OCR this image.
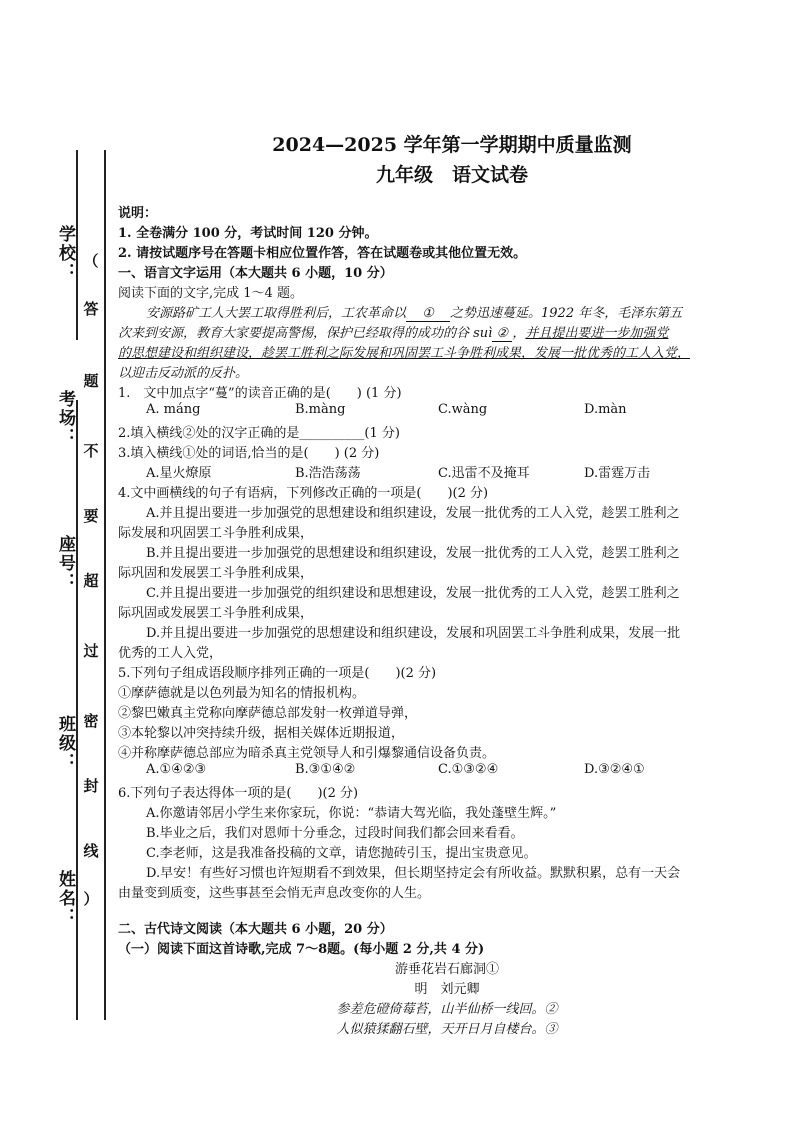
学校：
考场：
座号：
班级：
姓名：
（
答
题
不
要
超
过
密
封
线
）
2024—2025 学年第一学期期中质量监测
九年级　语文试卷
说明：
1. 全卷满分 100 分，考试时间 120 分钟。
2. 请按试题序号在答题卡相应位置作答，答在试题卷或其他位置无效。
一、语言文字运用（本大题共 6 小题，10 分）
阅读下面的文字,完成 1～4 题。
安源路矿工人大罢工取得胜利后，工农革命以 ① 之势迅速蔓延。1922 年冬，毛泽东第五
次来到安源，教育大家要提高警惕，保护已经取得的成功的谷 suì ② ，并且提出要进一步加强党
的思想建设和组织建设，趁罢工胜利之际发展和巩固罢工斗争胜利成果，发展一批优秀的工人入党，
以迎击反动派的反扑。
1.　文中加点字“蔓”的读音正确的是(　　) (1 分)
A. máng	B.màng	C.wàng	D.màn
2.填入横线②处的汉字正确的是__________(1 分)
3.填入横线①处的词语,恰当的是(　　) (2 分)
A.星火燎原	B.浩浩荡荡	C.迅雷不及掩耳	D.雷霆万击
4.文中画横线的句子有语病，下列修改正确的一项是(　　)(2 分)
A.并且提出要进一步加强党的思想建设和组织建设，发展一批优秀的工人入党，趁罢工胜利之
际发展和巩固罢工斗争胜利成果，
B.并且提出要进一步加强党的思想建设和组织建设，发展一批优秀的工人入党，趁罢工胜利之
际巩固和发展罢工斗争胜利成果，
C.并且提出要进一步加强党的组织建设和思想建设，发展一批优秀的工人入党，趁罢工胜利之
际巩固或发展罢工斗争胜利成果，
D.并且提出要进一步加强党的思想建设和组织建设，发展和巩固罢工斗争胜利成果，发展一批
优秀的工人入党，
5.下列句子组成语段顺序排列正确的一项是(　　)(2 分)
①摩萨德就是以色列最为知名的情报机构。
②黎巴嫩真主党称向摩萨德总部发射一枚弹道导弹，
③本轮黎以冲突持续升级，据相关媒体近期报道，
④并称摩萨德总部应为暗杀真主党领导人和引爆黎通信设备负责。
A.①④②③	B.③①④②	C.①③②④	D.③②④①
6.下列句子表达得体一项的是(　　)(2 分)
A.你邀请邻居小学生来你家玩，你说：“恭请大驾光临，我处蓬壁生辉。”
B.毕业之后，我们对恩师十分垂念，过段时间我们都会回来看看。
C.李老师，这是我准备投稿的文章，请您抛砖引玉，提出宝贵意见。
D.早安！有些好习惯也许短期看不到效果，但长期坚持定会有所收益。默默积累，总有一天会
由量变到质变，这些事甚至会悄无声息改变你的人生。
二、古代诗文阅读（本大题共 6 小题，20 分）
（一）阅读下面这首诗歌,完成 7～8题。(每小题 2 分,共 4 分)
游垂花岩石廊洞①
明　刘元卿
参差危磴倚莓苔，山半仙桥一线回。②
人似猿猱翻石壁，天开日月自楼台。③
